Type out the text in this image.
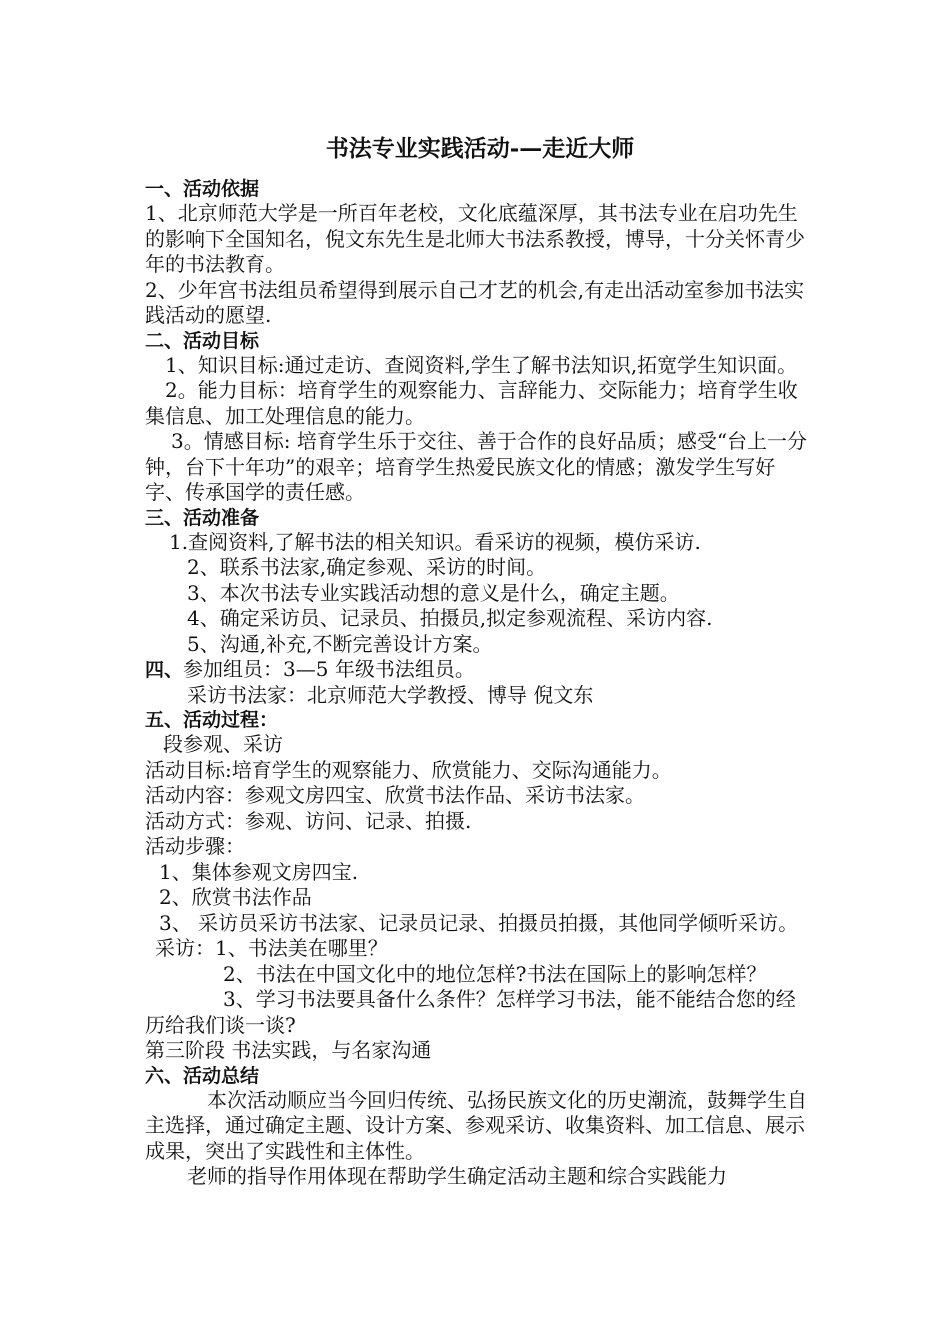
书法专业实践活动-—走近大师
一、活动依据

1、北京师范大学是一所百年老校，文化底蕴深厚，其书法专业在启功先生的影响下全国知名，倪文东先生是北师大书法系教授，博导，十分关怀青少年的书法教育。

2、少年宫书法组员希望得到展示自己才艺的机会,有走出活动室参加书法实践活动的愿望.

二、活动目标

1、知识目标:通过走访、查阅资料,学生了解书法知识,拓宽学生知识面。

2。能力目标：培育学生的观察能力、言辞能力、交际能力；培育学生收集信息、加工处理信息的能力。

3。情感目标: 培育学生乐于交往、善于合作的良好品质；感受“台上一分钟，台下十年功”的艰辛；培育学生热爱民族文化的情感；激发学生写好字、传承国学的责任感。

三、活动准备

1.查阅资料,了解书法的相关知识。看采访的视频，模仿采访.

2、联系书法家,确定参观、采访的时间。

3、本次书法专业实践活动想的意义是什么，确定主题。

4、确定采访员、记录员、拍摄员,拟定参观流程、采访内容.

5、沟通,补充,不断完善设计方案。

四、参加组员：3—5 年级书法组员。

采访书法家：北京师范大学教授、博导 倪文东

五、活动过程：

段参观、采访

活动目标:培育学生的观察能力、欣赏能力、交际沟通能力。

活动内容：参观文房四宝、欣赏书法作品、采访书法家。

活动方式：参观、访问、记录、拍摄.

活动步骤：

1、集体参观文房四宝.

2、欣赏书法作品

3、 采访员采访书法家、记录员记录、拍摄员拍摄，其他同学倾听采访。

采访：1、书法美在哪里？

2、书法在中国文化中的地位怎样?书法在国际上的影响怎样？

3、学习书法要具备什么条件？怎样学习书法，能不能结合您的经历给我们谈一谈?

第三阶段 书法实践，与名家沟通

六、活动总结

本次活动顺应当今回归传统、弘扬民族文化的历史潮流，鼓舞学生自主选择，通过确定主题、设计方案、参观采访、收集资料、加工信息、展示成果，突出了实践性和主体性。

老师的指导作用体现在帮助学生确定活动主题和综合实践能力
